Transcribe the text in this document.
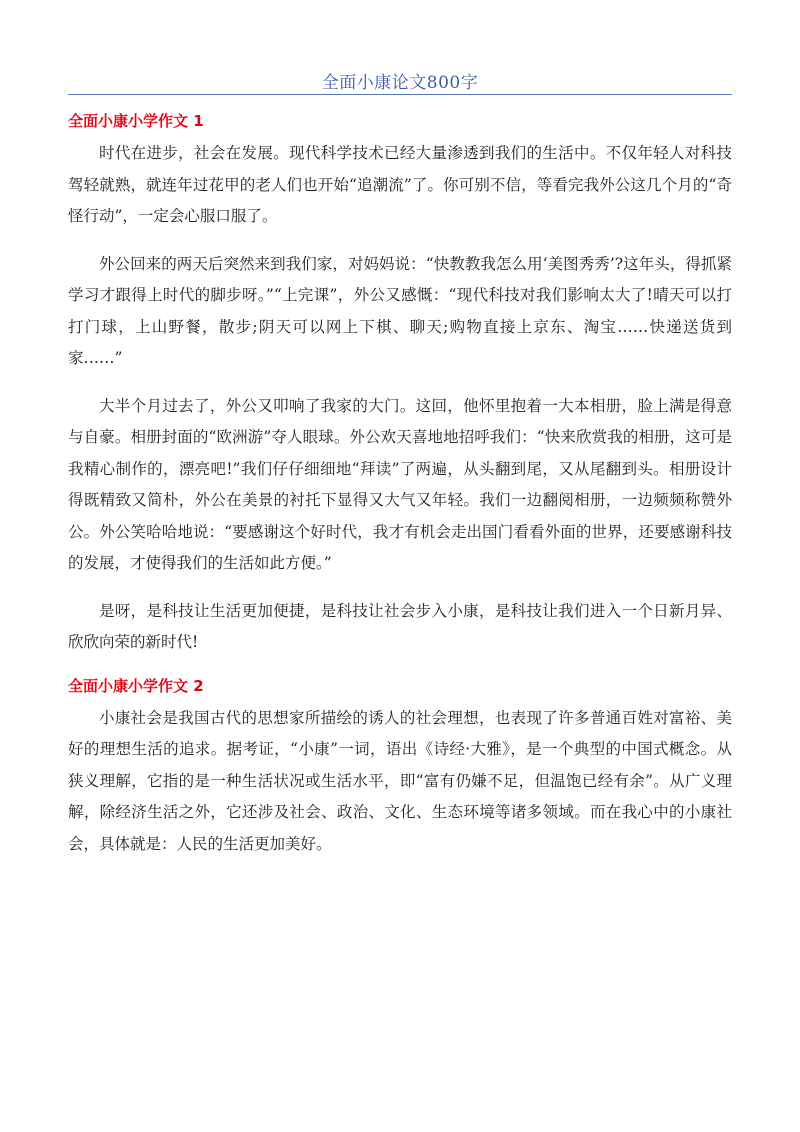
全面小康论文800字
全面小康小学作文 1

时代在进步，社会在发展。现代科学技术已经大量渗透到我们的生活中。不仅年轻人对科技驾轻就熟，就连年过花甲的老人们也开始“追潮流”了。你可别不信，等看完我外公这几个月的“奇怪行动”，一定会心服口服了。

外公回来的两天后突然来到我们家，对妈妈说：“快教教我怎么用‘美图秀秀’?这年头，得抓紧学习才跟得上时代的脚步呀。”“上完课”，外公又感慨：“现代科技对我们影响太大了!晴天可以打打门球，上山野餐，散步;阴天可以网上下棋、聊天;购物直接上京东、淘宝……快递送货到家……”

大半个月过去了，外公又叩响了我家的大门。这回，他怀里抱着一大本相册，脸上满是得意与自豪。相册封面的“欧洲游”夺人眼球。外公欢天喜地地招呼我们：“快来欣赏我的相册，这可是我精心制作的，漂亮吧!”我们仔仔细细地“拜读”了两遍，从头翻到尾，又从尾翻到头。相册设计得既精致又简朴，外公在美景的衬托下显得又大气又年轻。我们一边翻阅相册，一边频频称赞外公。外公笑哈哈地说：“要感谢这个好时代，我才有机会走出国门看看外面的世界，还要感谢科技的发展，才使得我们的生活如此方便。”

是呀，是科技让生活更加便捷，是科技让社会步入小康，是科技让我们进入一个日新月异、欣欣向荣的新时代!

全面小康小学作文 2

小康社会是我国古代的思想家所描绘的诱人的社会理想，也表现了许多普通百姓对富裕、美好的理想生活的追求。据考证，“小康”一词，语出《诗经·大雅》，是一个典型的中国式概念。从狭义理解，它指的是一种生活状况或生活水平，即“富有仍嫌不足，但温饱已经有余”。从广义理解，除经济生活之外，它还涉及社会、政治、文化、生态环境等诸多领域。而在我心中的小康社会，具体就是：人民的生活更加美好。
